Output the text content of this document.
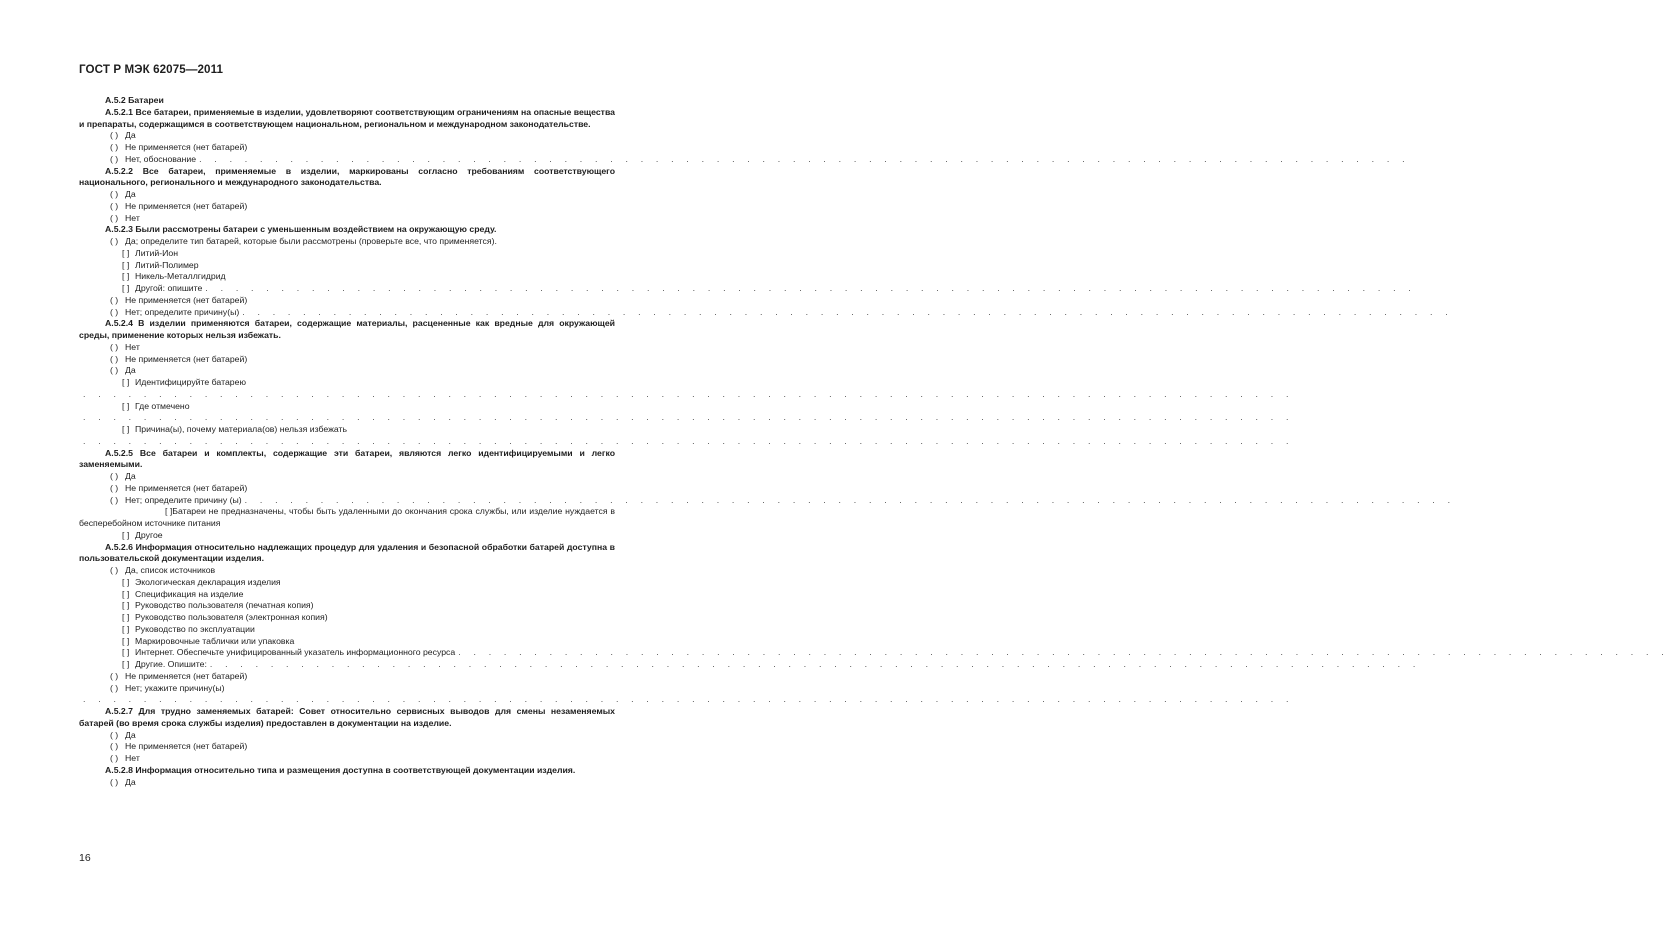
ГОСТ Р МЭК 62075—2011
А.5.2 Батареи
А.5.2.1 Все батареи, применяемые в изделии, удовлетворяют соответствующим ограничениям на опасные вещества и препараты, содержащимся в соответствующем национальном, региональном и международном законодательстве.
( ) Да
( ) Не применяется (нет батарей)
( ) Нет, обоснование . . . . . . . . . . . . . . . . . . . . . . . . . . . . . . . . . . . . . . . . . . . . . . . . . . . . . . . . . . . . . . . . . . . . . . . . . . . . . . . .
А.5.2.2 Все батареи, применяемые в изделии, маркированы согласно требованиям соответствующего национального, регионального и международного законодательства.
( ) Да
( ) Не применяется (нет батарей)
( ) Нет
А.5.2.3 Были рассмотрены батареи с уменьшенным воздействием на окружающую среду.
( ) Да; определите тип батарей, которые были рассмотрены (проверьте все, что применяется).
[ ] Литий-Ион
[ ] Литий-Полимер
[ ] Никель-Металлгидрид
[ ] Другой: опишите . . . . . . . . . . . . . . . . . . . . . . . . . . . . . . . . . . . . . . . . . . . . . . . . . . . . . . . . . . . . . . . . . . . . . . . . . . . . . . . .
( ) Не применяется (нет батарей)
( ) Нет; определите причину(ы) . . . . . . . . . . . . . . . . . . . . . . . . . . . . . . . . . . . . . . . . . . . . . . . . . . . . . . . . . . . . . . . . . . . . . . . . . . . . . . . .
А.5.2.4 В изделии применяются батареи, содержащие материалы, расцененные как вредные для окружающей среды, применение которых нельзя избежать.
( ) Нет
( ) Не применяется (нет батарей)
( ) Да
[ ] Идентифицируйте батарею
. . . . . . . . . . . . . . . . . . . . . . . . . . . . . . . . . . . . . . . . . . . . . . . . . . . . . . . . . . . . . . . . . . . . . . . . . . . . . . . .
[ ] Где отмечено
. . . . . . . . . . . . . . . . . . . . . . . . . . . . . . . . . . . . . . . . . . . . . . . . . . . . . . . . . . . . . . . . . . . . . . . . . . . . . . . .
[ ] Причина(ы), почему материала(ов) нельзя избежать
. . . . . . . . . . . . . . . . . . . . . . . . . . . . . . . . . . . . . . . . . . . . . . . . . . . . . . . . . . . . . . . . . . . . . . . . . . . . . . . .
А.5.2.5 Все батареи и комплекты, содержащие эти батареи, являются легко идентифицируемыми и легко заменяемыми.
( ) Да
( ) Не применяется (нет батарей)
( ) Нет; определите причину (ы) . . . . . . . . . . . . . . . . . . . . . . . . . . . . . . . . . . . . . . . . . . . . . . . . . . . . . . . . . . . . . . . . . . . . . . . . . . . . . . . .
[ ]Батареи не предназначены, чтобы быть удаленными до окончания срока службы, или изделие нуждается в бесперебойном источнике питания
[ ] Другое
А.5.2.6 Информация относительно надлежащих процедур для удаления и безопасной обработки батарей доступна в пользовательской документации изделия.
( ) Да, список источников
[ ] Экологическая декларация изделия
[ ] Спецификация на изделие
[ ] Руководство пользователя (печатная копия)
[ ] Руководство пользователя (электронная копия)
[ ] Руководство по эксплуатации
[ ] Маркировочные таблички или упаковка
[ ] Интернет. Обеспечьте унифицированный указатель информационного ресурса . . . . . . . . . . . . . . . . . . . . . . . . . . . . . . . . . . . . . . . . . . . . . . . . . . . . . . . . . . . . . . . . . . . . . . . . . . . . . . . .
[ ] Другие. Опишите: . . . . . . . . . . . . . . . . . . . . . . . . . . . . . . . . . . . . . . . . . . . . . . . . . . . . . . . . . . . . . . . . . . . . . . . . . . . . . . . .
( ) Не применяется (нет батарей)
( ) Нет; укажите причину(ы)
. . . . . . . . . . . . . . . . . . . . . . . . . . . . . . . . . . . . . . . . . . . . . . . . . . . . . . . . . . . . . . . . . . . . . . . . . . . . . . . .
А.5.2.7 Для трудно заменяемых батарей: Совет относительно сервисных выводов для смены незаменяемых батарей (во время срока службы изделия) предоставлен в документации на изделие.
( ) Да
( ) Не применяется (нет батарей)
( ) Нет
А.5.2.8 Информация относительно типа и размещения доступна в соответствующей документации изделия.
( ) Да
16
